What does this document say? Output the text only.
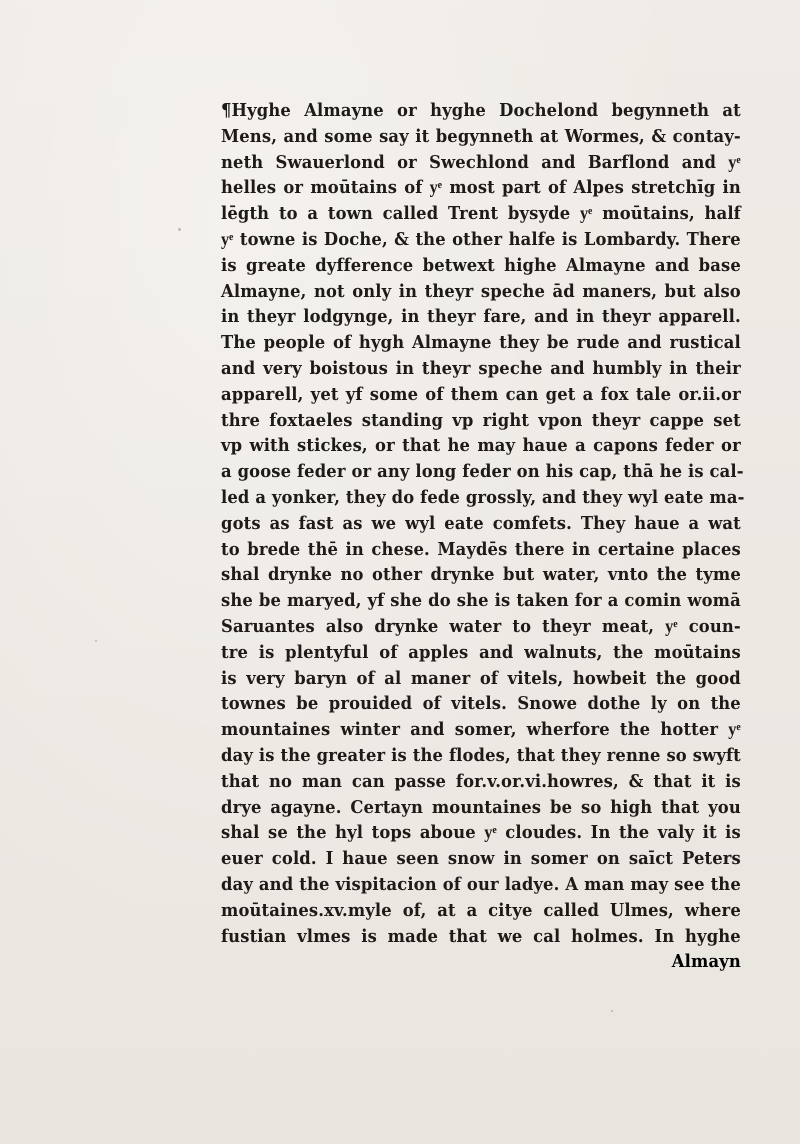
¶Hyghe Almayne or hyghe Dochelond begynneth at
Mens, and some say it begynneth at Wormes, & contay-
neth Swauerlond or Swechlond and Barflond and yͤ
helles or moūtains of yͤ most part of Alpes stretchīg in
lēgth to a town called Trent bysyde yͤ moūtains, half
yͤ towne is Doche, & the other halfe is Lombardy. There
is greate dyfference betwext highe Almayne and base
Almayne, not only in theyr speche ād maners, but also
in theyr lodgynge, in theyr fare, and in theyr apparell.
The people of hygh Almayne they be rude and rustical
and very boistous in theyr speche and humbly in their
apparell, yet yf some of them can get a fox tale or.ii.or
thre foxtaeles standing vp right vpon theyr cappe set
vp with stickes, or that he may haue a capons feder or
a goose feder or any long feder on his cap, thā he is cal-
led a yonker, they do fede grossly, and they wyl eate ma-
gots as fast as we wyl eate comfets. They haue a wat
to brede thē in chese. Maydēs there in certaine places
shal drynke no other drynke but water, vnto the tyme
she be maryed, yf she do she is taken for a comin womā
Saruantes also drynke water to theyr meat, yͤ coun-
tre is plentyful of apples and walnuts, the moūtains
is very baryn of al maner of vitels, howbeit the good
townes be prouided of vitels. Snowe dothe ly on the
mountaines winter and somer, wherfore the hotter yͤ
day is the greater is the flodes, that they renne so swyft
that no man can passe for.v.or.vi.howres, & that it is
drye agayne. Certayn mountaines be so high that you
shal se the hyl tops aboue yͤ cloudes. In the valy it is
euer cold. I haue seen snow in somer on saīct Peters
day and the vispitacion of our ladye. A man may see the
moūtaines.xv.myle of, at a citye called Ulmes, where
fustian vlmes is made that we cal holmes. In hyghe
Almayn
